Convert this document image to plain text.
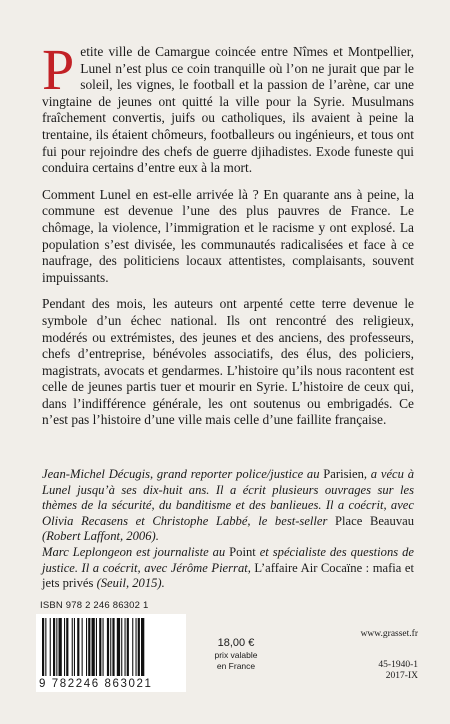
Petite ville de Camargue coincée entre Nîmes et Montpellier, Lunel n’est plus ce coin tranquille où l’on ne jurait que par le soleil, les vignes, le football et la passion de l’arène, car une vingtaine de jeunes ont quitté la ville pour la Syrie. Musulmans fraîchement convertis, juifs ou catholiques, ils avaient à peine la trentaine, ils étaient chômeurs, footballeurs ou ingénieurs, et tous ont fui pour rejoindre des chefs de guerre djihadistes. Exode funeste qui conduira certains d’entre eux à la mort.

Comment Lunel en est-elle arrivée là ? En quarante ans à peine, la commune est devenue l’une des plus pauvres de France. Le chômage, la violence, l’immigration et le racisme y ont explosé. La population s’est divisée, les communautés radicalisées et face à ce naufrage, des politiciens locaux attentistes, complaisants, souvent impuissants.

Pendant des mois, les auteurs ont arpenté cette terre devenue le symbole d’un échec national. Ils ont rencontré des religieux, modérés ou extrémistes, des jeunes et des anciens, des professeurs, chefs d’entreprise, bénévoles associatifs, des élus, des policiers, magistrats, avocats et gendarmes. L’histoire qu’ils nous racontent est celle de jeunes partis tuer et mourir en Syrie. L’histoire de ceux qui, dans l’indifférence générale, les ont soutenus ou embrigadés. Ce n’est pas l’histoire d’une ville mais celle d’une faillite française.

Jean-Michel Décugis, grand reporter police/justice au Parisien, a vécu à Lunel jusqu’à ses dix-huit ans. Il a écrit plusieurs ouvrages sur les thèmes de la sécurité, du banditisme et des banlieues. Il a coécrit, avec Olivia Recasens et Christophe Labbé, le best-seller Place Beauvau (Robert Laffont, 2006).

Marc Leplongeon est journaliste au Point et spécialiste des questions de justice. Il a coécrit, avec Jérôme Pierrat, L’affaire Air Cocaïne : mafia et jets privés (Seuil, 2015).

ISBN 978 2 246 86302 1
9 782246 863021
18,00 €
prix valable
en France
www.grasset.fr
45-1940-1
2017-IX
